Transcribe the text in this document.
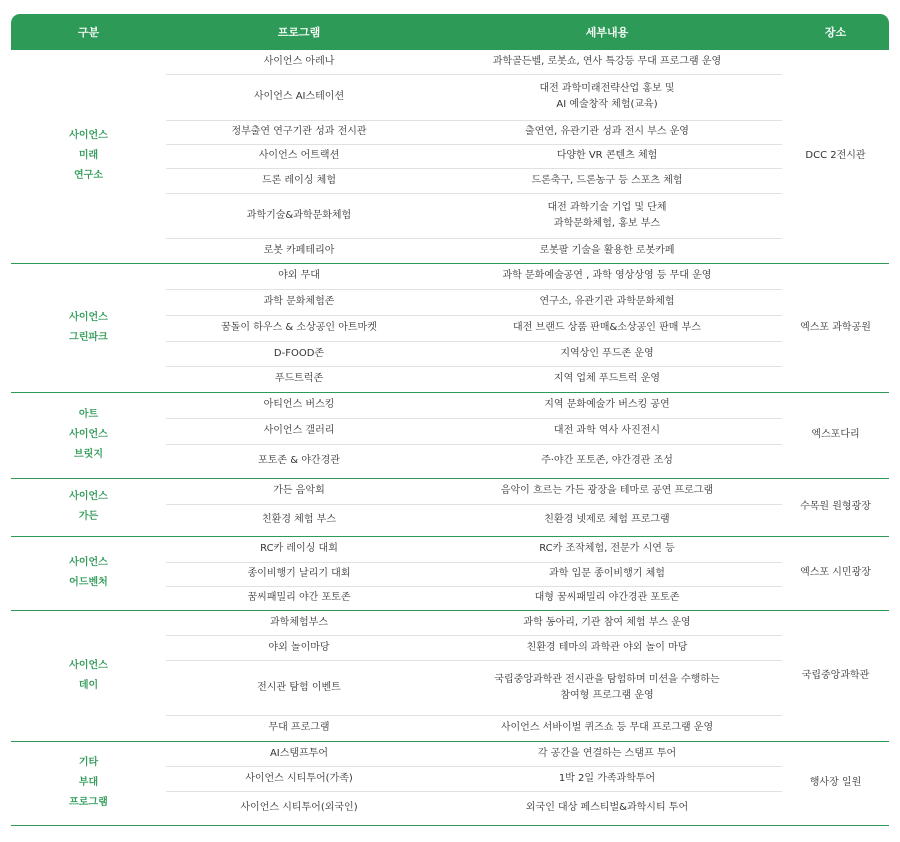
구분	프로그램	세부내용	장소

사이언스
미래
연구소	사이언스 아레나	과학골든벨, 로봇쇼, 연사 특강등 무대 프로그램 운영	DCC 2전시관
	사이언스 AI스테이션	대전 과학미래전략산업 홍보 및
AI 예술창작 체험(교육)	

	정부출연 연구기관 성과 전시관	출연연, 유관기관 성과 전시 부스 운영	

	사이언스 어트랙션	다양한 VR 콘텐츠 체험	

	드론 레이싱 체험	드론축구, 드론농구 등 스포츠 체험	

	과학기술&과학문화체험	대전 과학기술 기업 및 단체
과학문화체험, 홍보 부스	

	로봇 카페테리아	로봇팔 기술을 활용한 로봇카페	

사이언스
그린파크	야외 무대	과학 문화예술공연 , 과학 영상상영 등 무대 운영	엑스포 과학공원
	과학 문화체험존	연구소, 유관기관 과학문화체험	

	꿈돌이 하우스 & 소상공인 아트마켓	대전 브랜드 상품 판매&소상공인 판매 부스	

	D-FOOD존	지역상인 푸드존 운영	

	푸드트럭존	지역 업체 푸드트럭 운영	

아트
사이언스
브릿지	아티언스 버스킹	지역 문화예술가 버스킹 공연	엑스포다리
	사이언스 갤러리	대전 과학 역사 사진전시	

	포토존 & 야간경관	주·야간 포토존, 야간경관 조성	

사이언스
가든	가든 음악회	음악이 흐르는 가든 광장을 테마로 공연 프로그램	수목원 원형광장
	친환경 체험 부스	친환경 넷제로 체험 프로그램	

사이언스
어드벤처	RC카 레이싱 대회	RC카 조작체험, 전문가 시연 등	엑스포 시민광장
	종이비행기 날리기 대회	과학 입문 종이비행기 체험	

	꿈씨패밀리 야간 포토존	대형 꿈씨패밀리 야간경관 포토존	

사이언스
데이	과학체험부스	과학 동아리, 기관 참여 체험 부스 운영	국립중앙과학관
	야외 놀이마당	친환경 테마의 과학관 야외 놀이 마당	

	전시관 탐험 이벤트	국립중앙과학관 전시관을 탐험하며 미션을 수행하는
참여형 프로그램 운영	

	무대 프로그램	사이언스 서바이벌 퀴즈쇼 등 무대 프로그램 운영	

기타
부대
프로그램	AI스탬프투어	각 공간을 연결하는 스탬프 투어	행사장 일원
	사이언스 시티투어(가족)	1박 2일 가족과학투어	

	사이언스 시티투어(외국인)	외국인 대상 페스티벌&과학시티 투어	
